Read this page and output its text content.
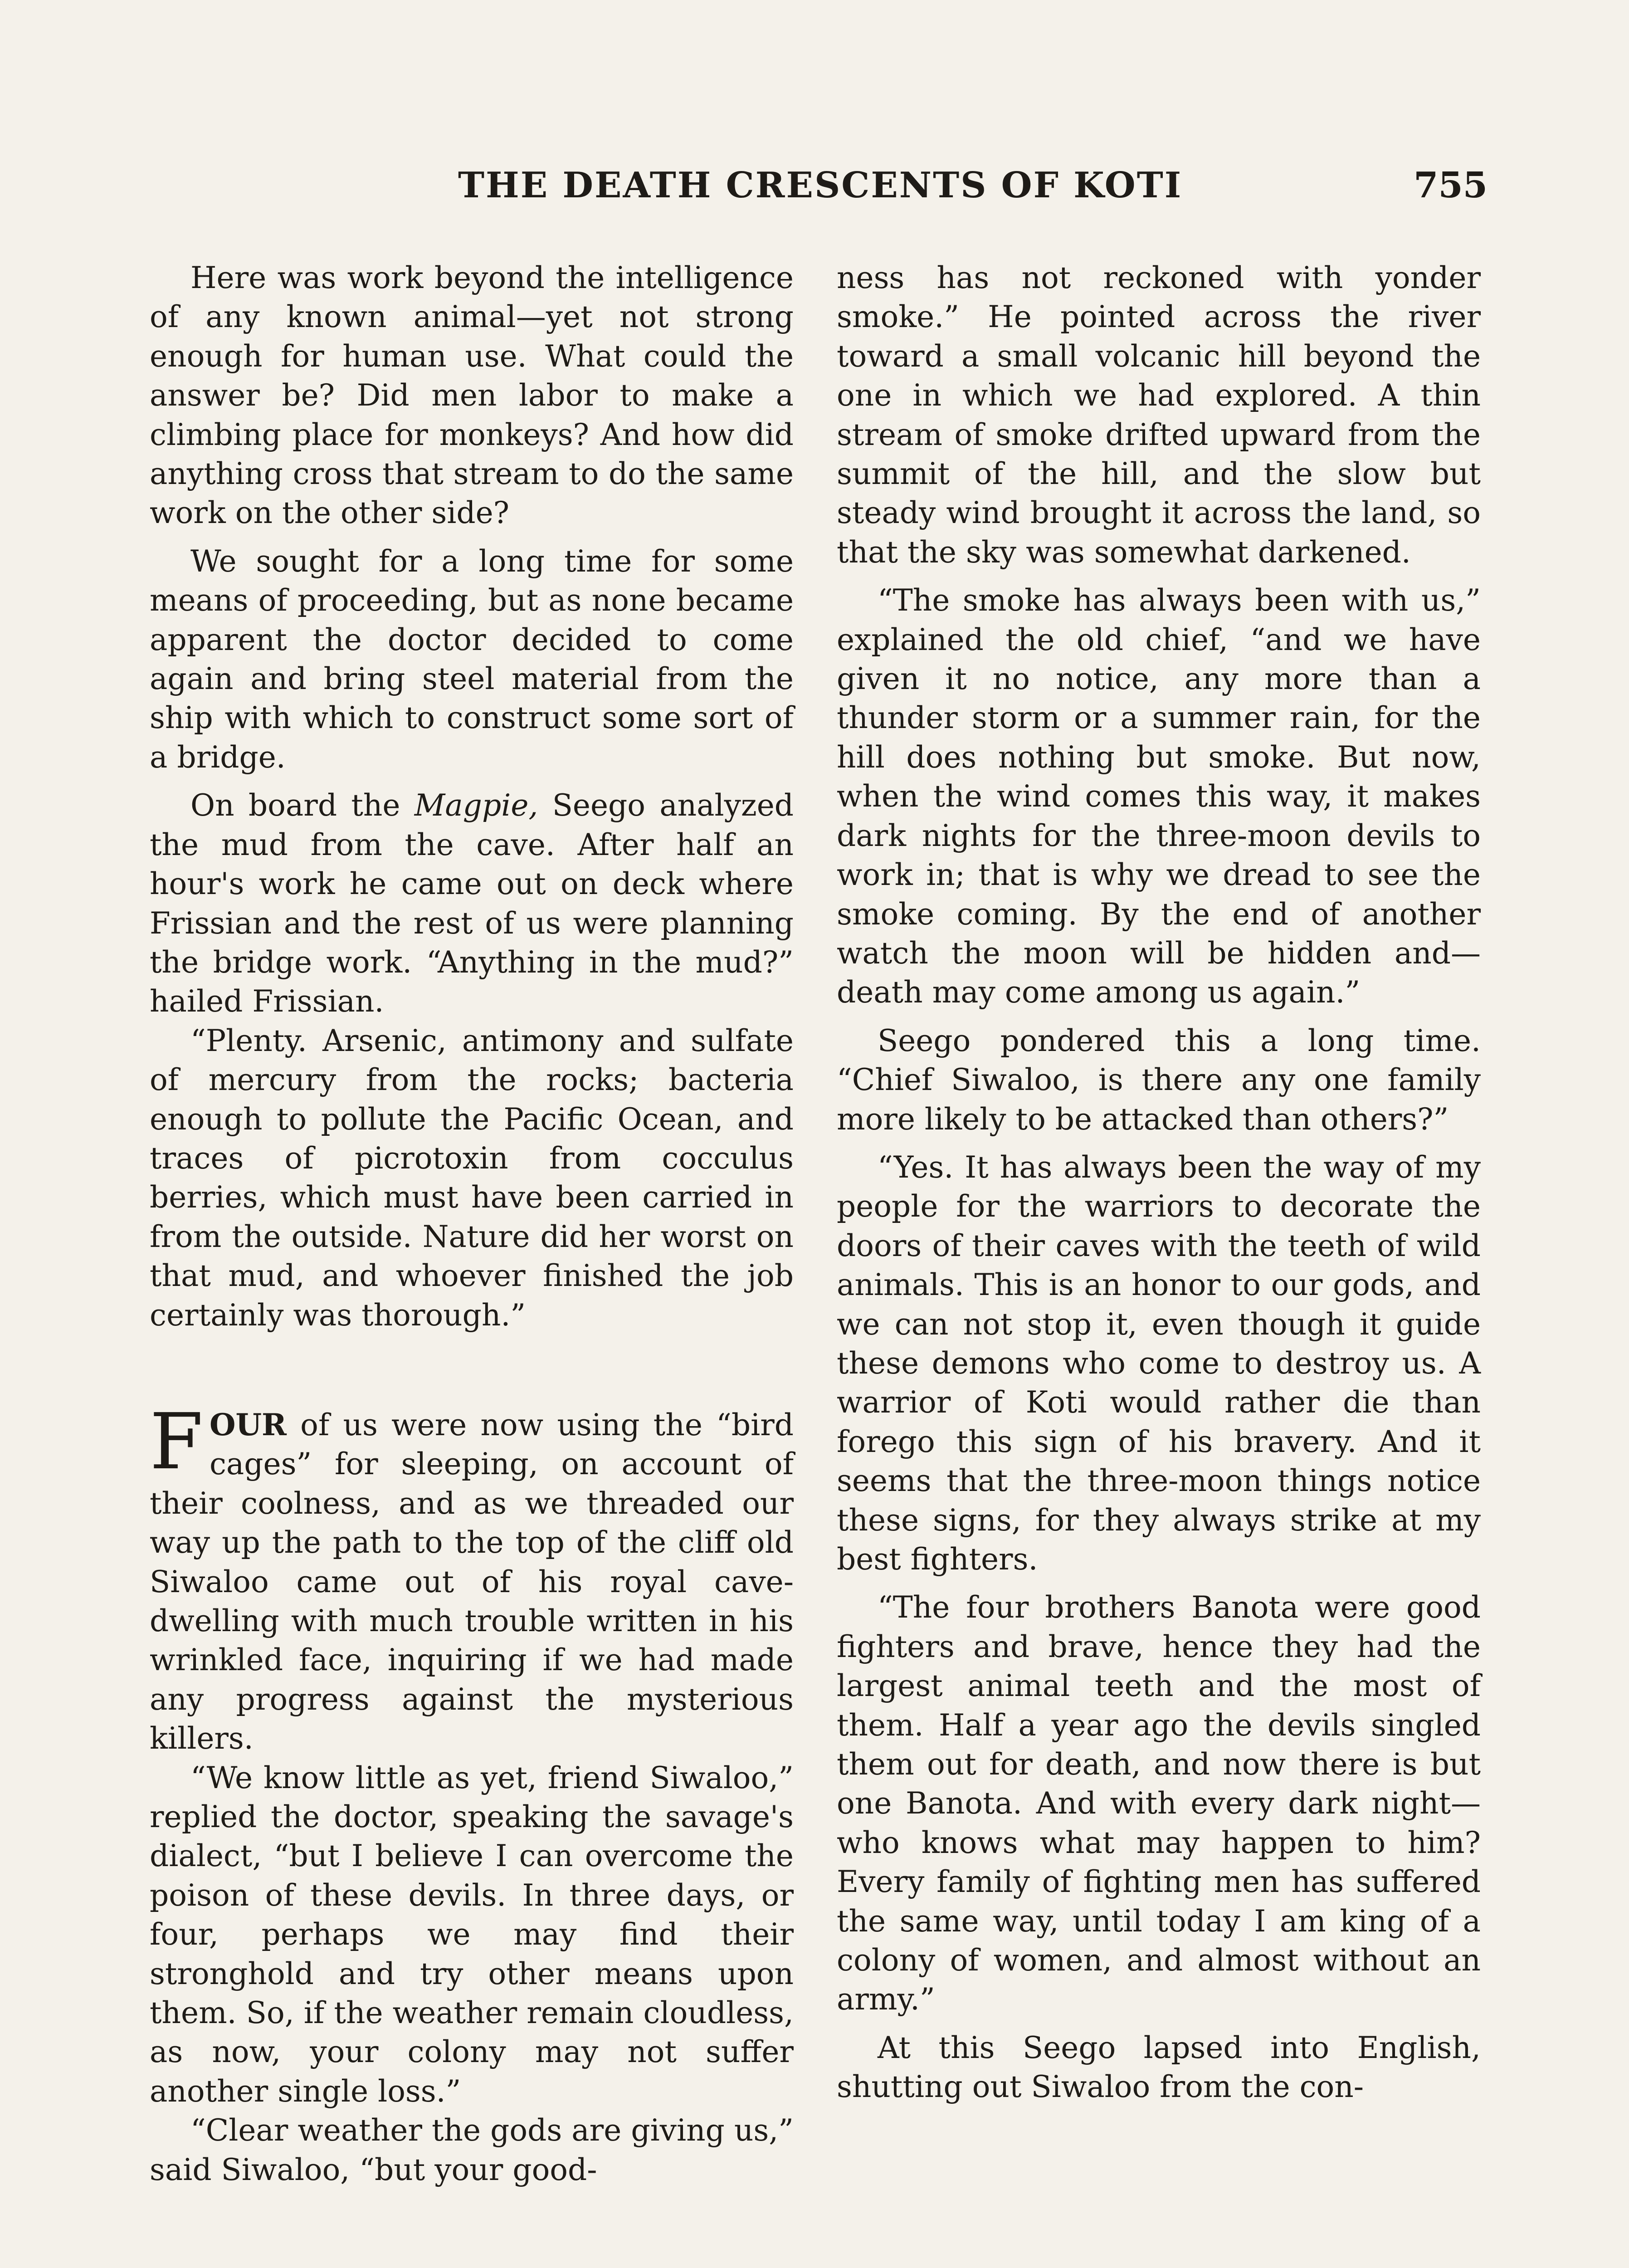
THE DEATH CRESCENTS OF KOTI	755

Here was work beyond the intelligence of any known animal—yet not strong enough for human use. What could the answer be? Did men labor to make a climbing place for monkeys? And how did anything cross that stream to do the same work on the other side?

We sought for a long time for some means of proceeding, but as none became apparent the doctor decided to come again and bring steel material from the ship with which to construct some sort of a bridge.

On board the Magpie, Seego analyzed the mud from the cave. After half an hour's work he came out on deck where Frissian and the rest of us were planning the bridge work. “Anything in the mud?” hailed Frissian.

“Plenty. Arsenic, antimony and sulfate of mercury from the rocks; bacteria enough to pollute the Pacific Ocean, and traces of picrotoxin from cocculus berries, which must have been carried in from the outside. Nature did her worst on that mud, and whoever finished the job certainly was thorough.”

FOUR of us were now using the “bird cages” for sleeping, on account of their coolness, and as we threaded our way up the path to the top of the cliff old Siwaloo came out of his royal cave-dwelling with much trouble written in his wrinkled face, inquiring if we had made any progress against the mysterious killers.

“We know little as yet, friend Siwaloo,” replied the doctor, speaking the savage's dialect, “but I believe I can overcome the poison of these devils. In three days, or four, perhaps we may find their stronghold and try other means upon them. So, if the weather remain cloudless, as now, your colony may not suffer another single loss.”

“Clear weather the gods are giving us,” said Siwaloo, “but your good-

ness has not reckoned with yonder smoke.” He pointed across the river toward a small volcanic hill beyond the one in which we had explored. A thin stream of smoke drifted upward from the summit of the hill, and the slow but steady wind brought it across the land, so that the sky was somewhat darkened.

“The smoke has always been with us,” explained the old chief, “and we have given it no notice, any more than a thunder storm or a summer rain, for the hill does nothing but smoke. But now, when the wind comes this way, it makes dark nights for the three-moon devils to work in; that is why we dread to see the smoke coming. By the end of another watch the moon will be hidden and—death may come among us again.”

Seego pondered this a long time. “Chief Siwaloo, is there any one family more likely to be attacked than others?”

“Yes. It has always been the way of my people for the warriors to decorate the doors of their caves with the teeth of wild animals. This is an honor to our gods, and we can not stop it, even though it guide these demons who come to destroy us. A warrior of Koti would rather die than forego this sign of his bravery. And it seems that the three-moon things notice these signs, for they always strike at my best fighters.

“The four brothers Banota were good fighters and brave, hence they had the largest animal teeth and the most of them. Half a year ago the devils singled them out for death, and now there is but one Banota. And with every dark night—who knows what may happen to him? Every family of fighting men has suffered the same way, until today I am king of a colony of women, and almost without an army.”

At this Seego lapsed into English, shutting out Siwaloo from the con-
